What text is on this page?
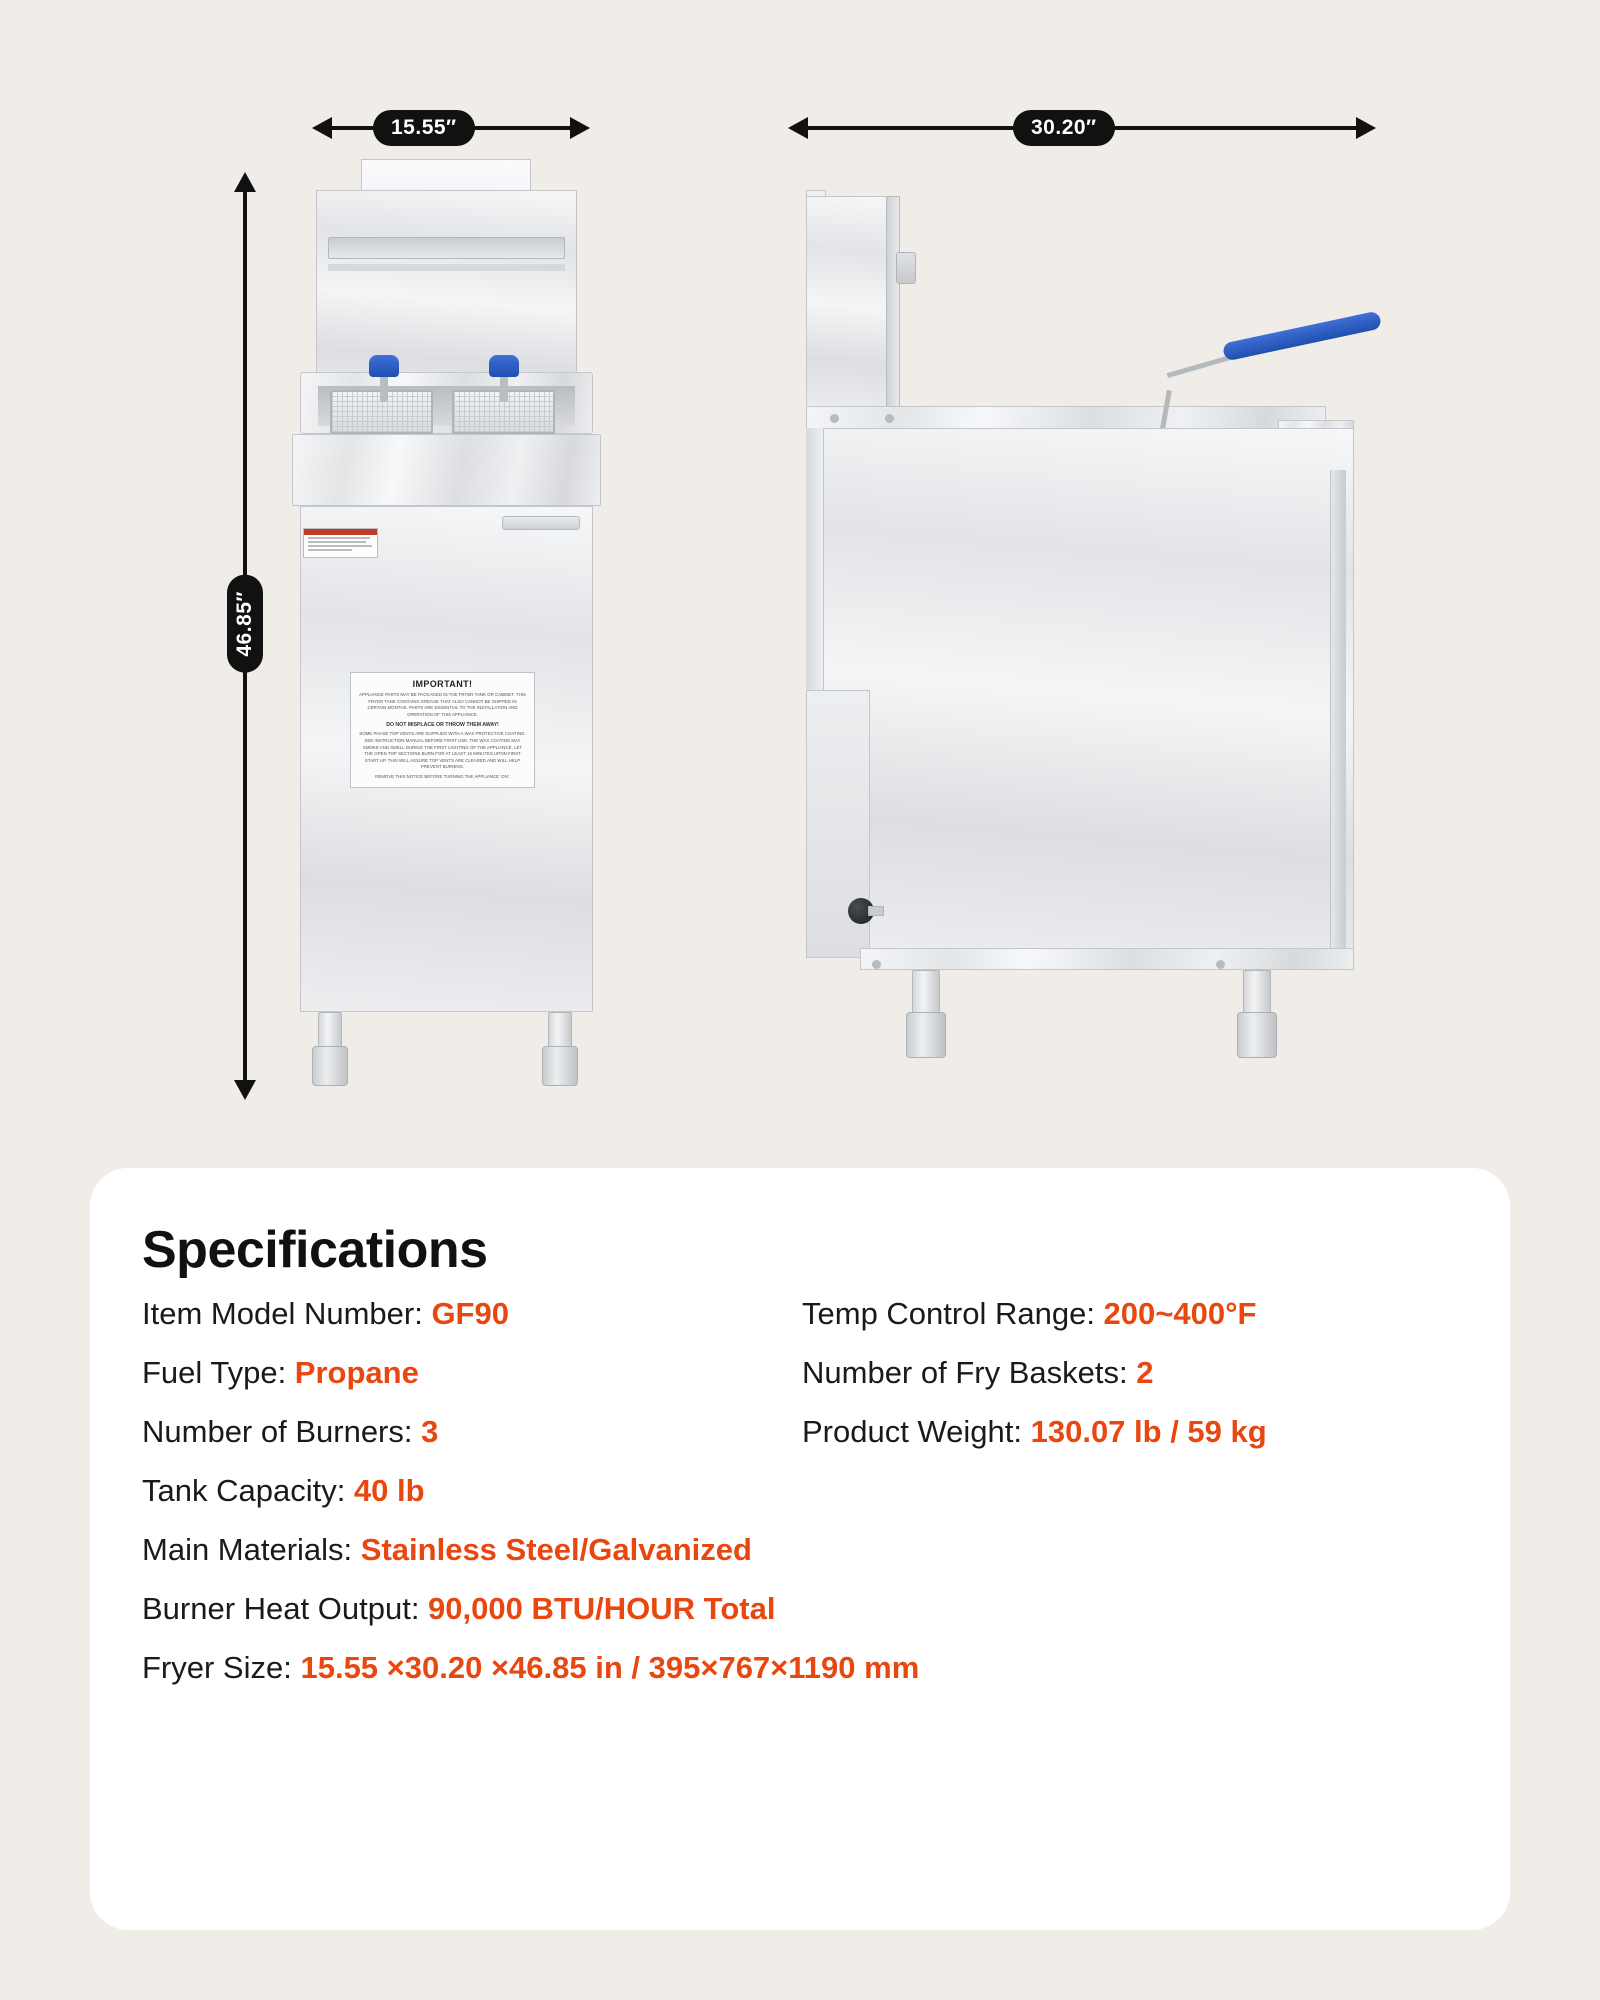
15.55″	30.20″
46.85″
IMPORTANT!
APPLIANCE PARTS MAY BE PACKAGED IN THE FRYER TANK OR CABINET. THIS FRYER TANK CONTAINS GREASE THAT ALSO CANNOT BE SHIPPED IN CERTAIN MONTHS. PARTS ARE ESSENTIAL TO THE INSTALLATION AND OPERATION OF THIS APPLIANCE.
DO NOT MISPLACE OR THROW THEM AWAY!
SOME PHASE TOP VENTS ARE SUPPLIED WITH A WAX PROTECTIVE COATING. SEE INSTRUCTION MANUAL BEFORE FIRST USE. THE WAX COATING MAY SMOKE AND SMELL DURING THE FIRST LIGHTING OF THE APPLIANCE. LET THE OPEN TOP SECTIONS BURN FOR AT LEAST 15 MINUTES UPON FIRST START UP. THIS WILL ASSURE TOP VENTS ARE CLEARED AND WILL HELP PREVENT BURNING.
REMOVE THIS NOTICE BEFORE TURNING THE APPLIANCE 'ON'.
Specifications
Item Model Number: GF90
Fuel Type: Propane
Number of Burners: 3
Tank Capacity: 40 lb
Main Materials: Stainless Steel/Galvanized
Burner Heat Output: 90,000 BTU/HOUR Total
Fryer Size: 15.55 ×30.20 ×46.85 in / 395×767×1190 mm
Temp Control Range: 200~400°F
Number of Fry Baskets: 2
Product Weight: 130.07 lb / 59 kg
